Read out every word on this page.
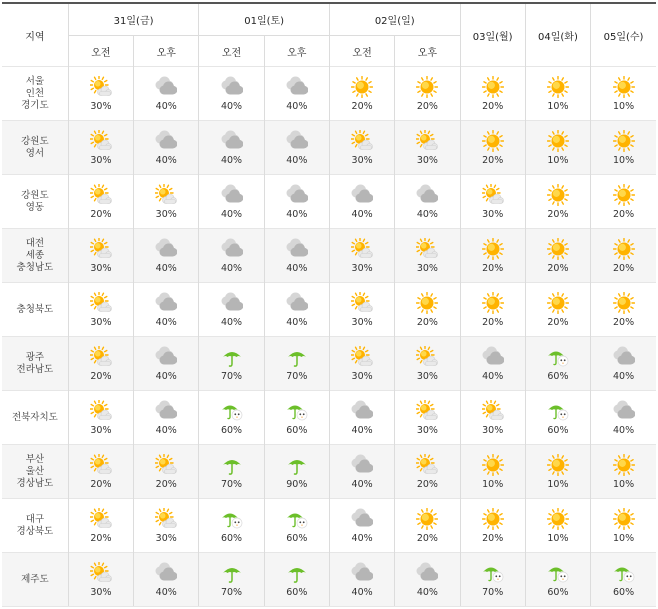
지역	31일(금)		01일(토)		02일(일)		03일(월)	04일(화)	05일(수)
	오전	오후	오전	오후	오전	오후			

서울
인천
경기도	30%	40%	40%	40%	20%	20%	20%	10%	10%

강원도
영서	30%	40%	40%	40%	30%	30%	20%	10%	10%

강원도
영동	20%	30%	40%	40%	40%	40%	30%	20%	20%

대전
세종
충청남도	30%	40%	40%	40%	30%	30%	20%	20%	20%

충청북도	30%	40%	40%	40%	30%	20%	20%	20%	20%

광주
전라남도	20%	40%	70%	70%	30%	30%	40%	60%	40%

전북자치도	30%	40%	60%	60%	40%	30%	30%	60%	40%

부산
울산
경상남도	20%	20%	70%	90%	40%	20%	10%	10%	10%

대구
경상북도	20%	30%	60%	60%	40%	20%	20%	10%	10%

제주도	30%	40%	70%	60%	40%	40%	70%	60%	60%
